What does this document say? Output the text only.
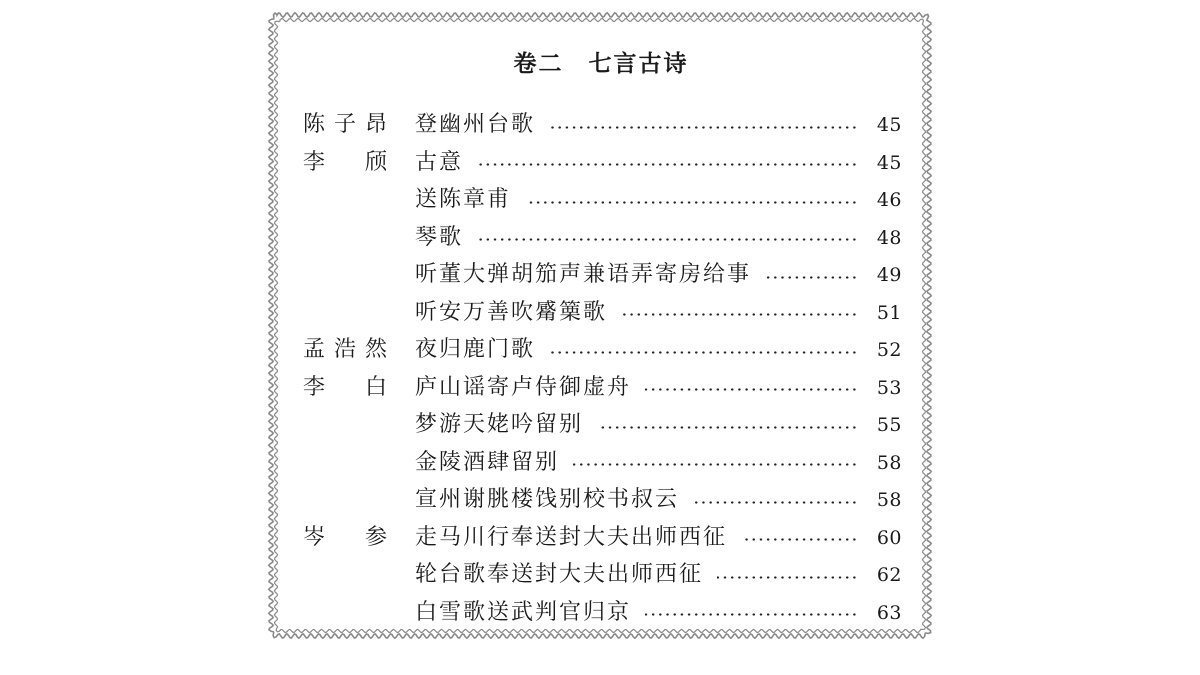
卷二　七言古诗
陈 子 昂 登幽州台歌	45
李 颀 古意	45
送陈章甫	46
琴歌	48
听董大弹胡笳声兼语弄寄房给事	49
听安万善吹觱篥歌	51
孟 浩 然 夜归鹿门歌	52
李 白 庐山谣寄卢侍御虚舟	53
梦游天姥吟留别	55
金陵酒肆留别	58
宣州谢朓楼饯别校书叔云	58
岑 参 走马川行奉送封大夫出师西征	60
轮台歌奉送封大夫出师西征	62
白雪歌送武判官归京	63
